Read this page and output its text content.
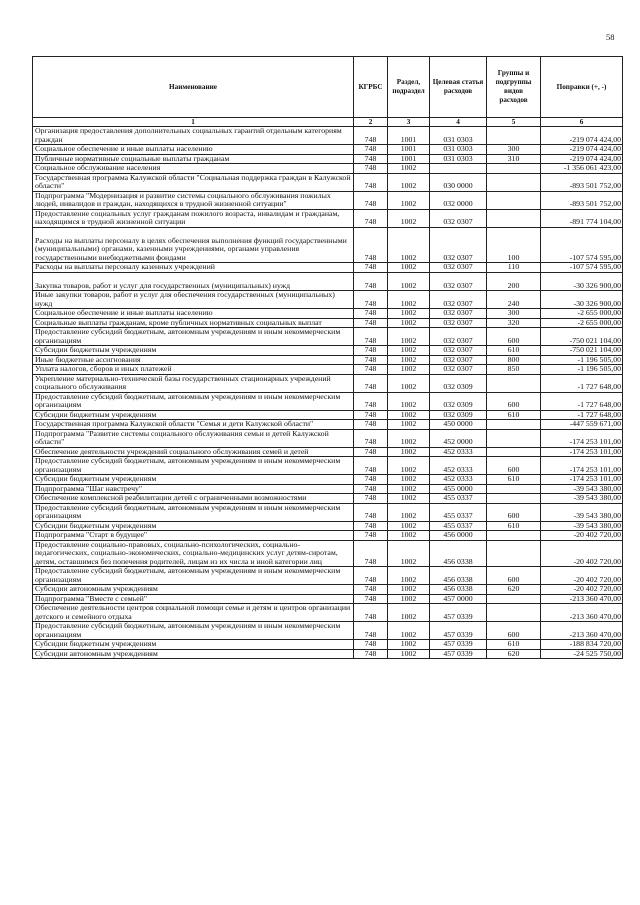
58
Наименование	КГРБС	Раздел, подраздел	Целевая статья расходов	Группы и подгруппы видов расходов	Поправки (+, -)
1	2	3	4	5	6
Организация предоставления дополнительных социальных гарантий отдельным категориям граждан	748	1001	031 0303		-219 074 424,00
Социальное обеспечение и иные выплаты населению	748	1001	031 0303	300	-219 074 424,00
Публичные нормативные социальные выплаты гражданам	748	1001	031 0303	310	-219 074 424,00
Социальное обслуживание населения	748	1002			-1 356 061 423,00
Государственная программа Калужской области "Социальная поддержка граждан в Калужской области"	748	1002	030 0000		-893 501 752,00
Подпрограмма "Модернизация и развитие системы социального обслуживания пожилых людей, инвалидов и граждан, находящихся в трудной жизненной ситуации"	748	1002	032 0000		-893 501 752,00
Предоставление социальных услуг гражданам пожилого возраста, инвалидам и гражданам, находящимся в трудной жизненной ситуации	748	1002	032 0307		-891 774 104,00
Расходы на выплаты персоналу в целях обеспечения выполнения функций государственными (муниципальными) органами, казенными учреждениями, органами управления государственными внебюджетными фондами	748	1002	032 0307	100	-107 574 595,00
Расходы на выплаты персоналу казенных учреждений	748	1002	032 0307	110	-107 574 595,00
Закупка товаров, работ и услуг для государственных (муниципальных) нужд	748	1002	032 0307	200	-30 326 900,00
Иные закупки товаров, работ и услуг для обеспечения государственных (муниципальных) нужд	748	1002	032 0307	240	-30 326 900,00
Социальное обеспечение и иные выплаты населению	748	1002	032 0307	300	-2 655 000,00
Социальные выплаты гражданам, кроме публичных нормативных социальных выплат	748	1002	032 0307	320	-2 655 000,00
Предоставление субсидий бюджетным, автономным учреждениям и иным некоммерческим организациям	748	1002	032 0307	600	-750 021 104,00
Субсидии бюджетным учреждениям	748	1002	032 0307	610	-750 021 104,00
Иные бюджетные ассигнования	748	1002	032 0307	800	-1 196 505,00
Уплата налогов, сборов и иных платежей	748	1002	032 0307	850	-1 196 505,00
Укрепление материально-технической базы государственных стационарных учреждений социального обслуживания	748	1002	032 0309		-1 727 648,00
Предоставление субсидий бюджетным, автономным учреждениям и иным некоммерческим организациям	748	1002	032 0309	600	-1 727 648,00
Субсидии бюджетным учреждениям	748	1002	032 0309	610	-1 727 648,00
Государственная программа Калужской области "Семья и дети Калужской области"	748	1002	450 0000		-447 559 671,00
Подпрограмма "Развитие системы социального обслуживания семьи и детей Калужской области"	748	1002	452 0000		-174 253 101,00
Обеспечение деятельности учреждений социального обслуживания семей и детей	748	1002	452 0333		-174 253 101,00
Предоставление субсидий бюджетным, автономным учреждениям и иным некоммерческим организациям	748	1002	452 0333	600	-174 253 101,00
Субсидии бюджетным учреждениям	748	1002	452 0333	610	-174 253 101,00
Подпрограмма "Шаг навстречу"	748	1002	455 0000		-39 543 380,00
Обеспечение комплексной реабилитации детей с ограниченными возможностями	748	1002	455 0337		-39 543 380,00
Предоставление субсидий бюджетным, автономным учреждениям и иным некоммерческим организациям	748	1002	455 0337	600	-39 543 380,00
Субсидии бюджетным учреждениям	748	1002	455 0337	610	-39 543 380,00
Подпрограмма "Старт в будущее"	748	1002	456 0000		-20 402 720,00
Предоставление социально-правовых, социально-психологических, социально-педагогических, социально-экономических, социально-медицинских услуг детям-сиротам, детям, оставшимся без попечения родителей, лицам из их числа и иной категории лиц	748	1002	456 0338		-20 402 720,00
Предоставление субсидий бюджетным, автономным учреждениям и иным некоммерческим организациям	748	1002	456 0338	600	-20 402 720,00
Субсидии автономным учреждениям	748	1002	456 0338	620	-20 402 720,00
Подпрограмма "Вместе с семьей"	748	1002	457 0000		-213 360 470,00
Обеспечение деятельности центров социальной помощи семье и детям и центров организации детского и семейного отдыха	748	1002	457 0339		-213 360 470,00
Предоставление субсидий бюджетным, автономным учреждениям и иным некоммерческим организациям	748	1002	457 0339	600	-213 360 470,00
Субсидии бюджетным учреждениям	748	1002	457 0339	610	-188 834 720,00
Субсидии автономным учреждениям	748	1002	457 0339	620	-24 525 750,00
